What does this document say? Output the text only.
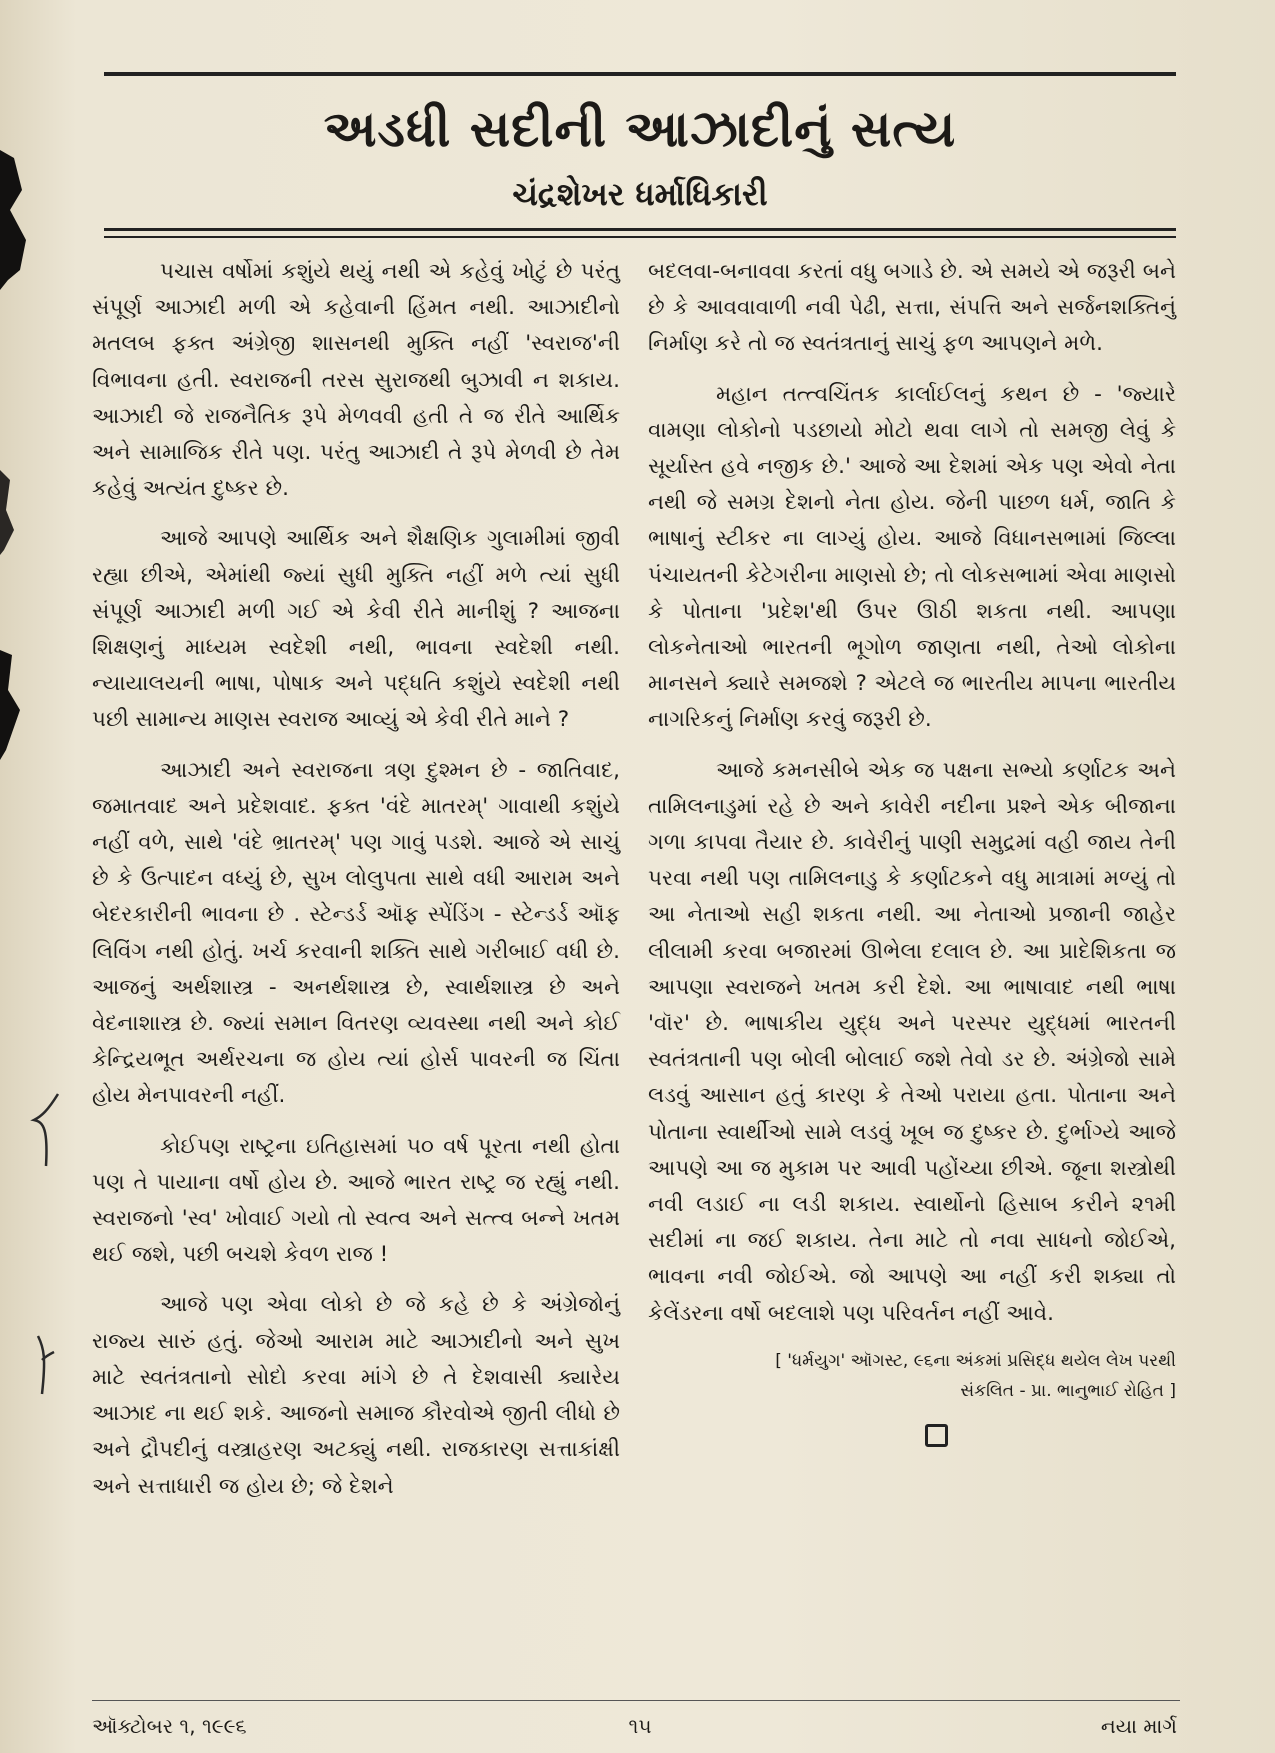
અડધી સદીની આઝાદીનું સત્ય
ચંદ્રશેખર ધર્માધિકારી

પચાસ વર્ષોમાં કશુંયે થયું નથી એ કહેવું ખોટું છે પરંતુ સંપૂર્ણ આઝાદી મળી એ કહેવાની હિંમત નથી. આઝાદીનો મતલબ ફક્ત અંગ્રેજી શાસનથી મુક્તિ નહીં 'સ્વરાજ'ની વિભાવના હતી. સ્વરાજની તરસ સુરાજથી બુઝાવી ન શકાય. આઝાદી જે રાજનૈતિક રૂપે મેળવવી હતી તે જ રીતે આર્થિક અને સામાજિક રીતે પણ. પરંતુ આઝાદી તે રૂપે મેળવી છે તેમ કહેવું અત્યંત દુષ્કર છે.

આજે આપણે આર્થિક અને શૈક્ષણિક ગુલામીમાં જીવી રહ્યા છીએ, એમાંથી જ્યાં સુધી મુક્તિ નહીં મળે ત્યાં સુધી સંપૂર્ણ આઝાદી મળી ગઈ એ કેવી રીતે માનીશું ? આજના શિક્ષણનું માધ્યમ સ્વદેશી નથી, ભાવના સ્વદેશી નથી. ન્યાયાલયની ભાષા, પોષાક અને પદ્ધતિ કશુંયે સ્વદેશી નથી પછી સામાન્ય માણસ સ્વરાજ આવ્યું એ કેવી રીતે માને ?

આઝાદી અને સ્વરાજના ત્રણ દુશ્મન છે - જાતિવાદ, જમાતવાદ અને પ્રદેશવાદ. ફક્ત 'વંદે માતરમ્' ગાવાથી કશુંયે નહીં વળે, સાથે 'વંદે ભ્રાતરમ્' પણ ગાવું પડશે. આજે એ સાચું છે કે ઉત્પાદન વધ્યું છે, સુખ લોલુપતા સાથે વધી આરામ અને બેદરકારીની ભાવના છે . સ્ટેન્ડર્ડ ઑફ સ્પેંડિંગ - સ્ટેન્ડર્ડ ઑફ લિવિંગ નથી હોતું. ખર્ચ કરવાની શક્તિ સાથે ગરીબાઈ વધી છે. આજનું અર્થશાસ્ત્ર - અનર્થશાસ્ત્ર છે, સ્વાર્થશાસ્ત્ર છે અને વેદનાશાસ્ત્ર છે. જ્યાં સમાન વિતરણ વ્યવસ્થા નથી અને કોઈ કેન્દ્રિયભૂત અર્થરચના જ હોય ત્યાં હોર્સ પાવરની જ ચિંતા હોય મેનપાવરની નહીં.

કોઈપણ રાષ્ટ્રના ઇતિહાસમાં ૫૦ વર્ષ પૂરતા નથી હોતા પણ તે પાયાના વર્ષો હોય છે. આજે ભારત રાષ્ટ્ર જ રહ્યું નથી. સ્વરાજનો 'સ્વ' ખોવાઈ ગયો તો સ્વત્વ અને સત્ત્વ બન્ને ખતમ થઈ જશે, પછી બચશે કેવળ રાજ !

આજે પણ એવા લોકો છે જે કહે છે કે અંગ્રેજોનું રાજ્ય સારું હતું. જેઓ આરામ માટે આઝાદીનો અને સુખ માટે સ્વતંત્રતાનો સોદો કરવા માંગે છે તે દેશવાસી ક્યારેય આઝાદ ના થઈ શકે. આજનો સમાજ કૌરવોએ જીતી લીધો છે અને દ્રૌપદીનું વસ્ત્રાહરણ અટક્યું નથી. રાજકારણ સત્તાકાંક્ષી અને સત્તાધારી જ હોય છે; જે દેશને

બદલવા-બનાવવા કરતાં વધુ બગાડે છે. એ સમયે એ જરૂરી બને છે કે આવવાવાળી નવી પેઢી, સત્તા, સંપત્તિ અને સર્જનશક્તિનું નિર્માણ કરે તો જ સ્વતંત્રતાનું સાચું ફળ આપણને મળે.

મહાન તત્ત્વચિંતક કાર્લાઈલનું કથન છે - 'જ્યારે વામણા લોકોનો પડછાયો મોટો થવા લાગે તો સમજી લેવું કે સૂર્યાસ્ત હવે નજીક છે.' આજે આ દેશમાં એક પણ એવો નેતા નથી જે સમગ્ર દેશનો નેતા હોય. જેની પાછળ ધર્મ, જાતિ કે ભાષાનું સ્ટીકર ના લાગ્યું હોય. આજે વિધાનસભામાં જિલ્લા પંચાયતની કેટેગરીના માણસો છે; તો લોકસભામાં એવા માણસો કે પોતાના 'પ્રદેશ'થી ઉપર ઊઠી શકતા નથી. આપણા લોકનેતાઓ ભારતની ભૂગોળ જાણતા નથી, તેઓ લોકોના માનસને ક્યારે સમજશે ? એટલે જ ભારતીય માપના ભારતીય નાગરિકનું નિર્માણ કરવું જરૂરી છે.

આજે કમનસીબે એક જ પક્ષના સભ્યો કર્ણાટક અને તામિલનાડુમાં રહે છે અને કાવેરી નદીના પ્રશ્ને એક બીજાના ગળા કાપવા તૈયાર છે. કાવેરીનું પાણી સમુદ્રમાં વહી જાય તેની પરવા નથી પણ તામિલનાડુ કે કર્ણાટકને વધુ માત્રામાં મળ્યું તો આ નેતાઓ સહી શકતા નથી. આ નેતાઓ પ્રજાની જાહેર લીલામી કરવા બજારમાં ઊભેલા દલાલ છે. આ પ્રાદેશિકતા જ આપણા સ્વરાજને ખતમ કરી દેશે. આ ભાષાવાદ નથી ભાષા 'વૉર' છે. ભાષાકીય યુદ્ધ અને પરસ્પર યુદ્ધમાં ભારતની સ્વતંત્રતાની પણ બોલી બોલાઈ જશે તેવો ડર છે. અંગ્રેજો સામે લડવું આસાન હતું કારણ કે તેઓ પરાયા હતા. પોતાના અને પોતાના સ્વાર્થીઓ સામે લડવું ખૂબ જ દુષ્કર છે. દુર્ભાગ્યે આજે આપણે આ જ મુકામ પર આવી પહોંચ્યા છીએ. જૂના શસ્ત્રોથી નવી લડાઈ ના લડી શકાય. સ્વાર્થોનો હિસાબ કરીને ૨૧મી સદીમાં ના જઈ શકાય. તેના માટે તો નવા સાધનો જોઈએ, ભાવના નવી જોઈએ. જો આપણે આ નહીં કરી શક્યા તો કેલેંડરના વર્ષો બદલાશે પણ પરિવર્તન નહીં આવે.

[ 'ધર્મયુગ' ઑગસ્ટ, ૯૬ના અંકમાં પ્રસિદ્ધ થયેલ લેખ પરથી
સંકલિત - પ્રા. ભાનુભાઈ રોહિત ]
ઑક્ટોબર ૧, ૧૯૯૬	૧૫	નયા માર્ગ
